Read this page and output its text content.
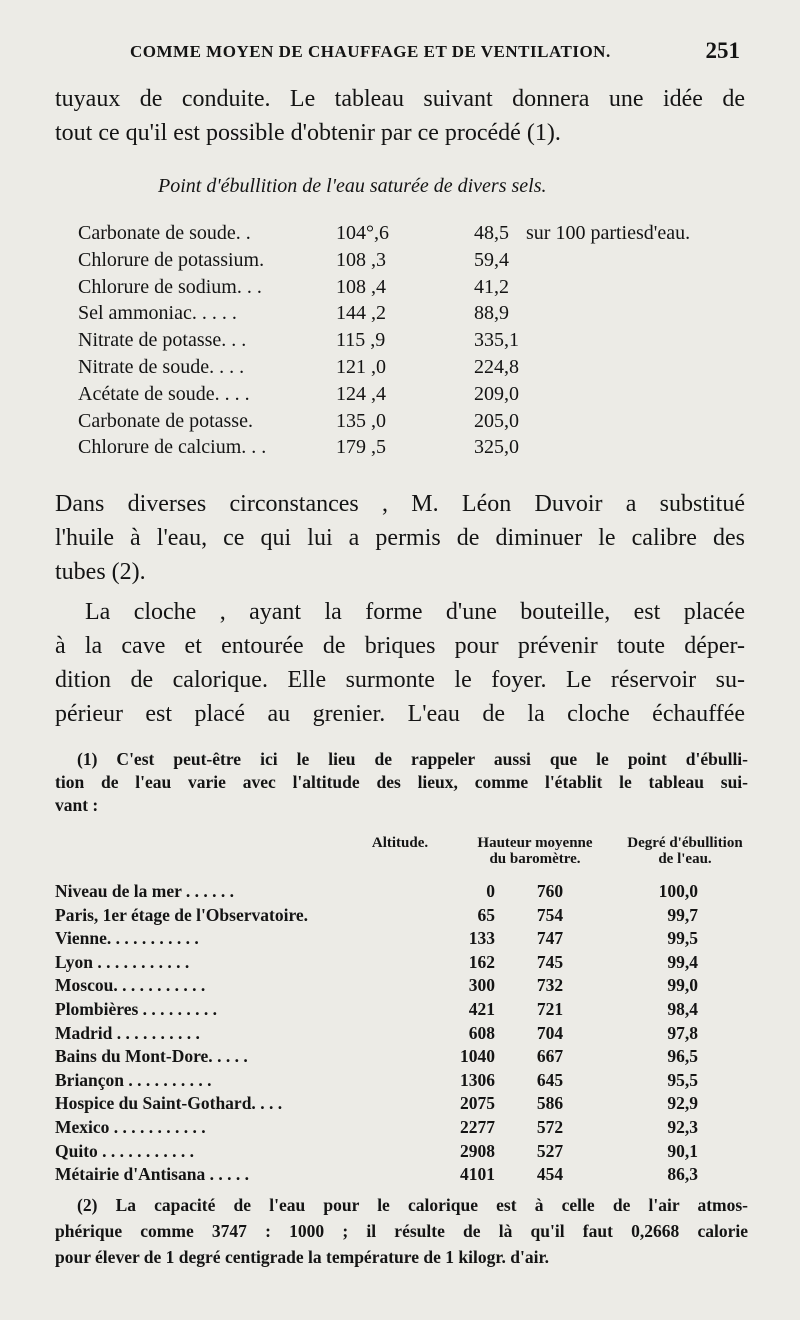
COMME MOYEN DE CHAUFFAGE ET DE VENTILATION.	251
tuyaux de conduite. Le tableau suivant donnera une idée de
tout ce qu'il est possible d'obtenir par ce procédé (1).
Point d'ébullition de l'eau saturée de divers sels.
Carbonate de soude. .	104°,6	48,5 sur 100 partiesd'eau.
Chlorure de potassium.	108 ,3	59,4
Chlorure de sodium. . .	108 ,4	41,2
Sel ammoniac. . . . .	144 ,2	88,9
Nitrate de potasse. . .	115 ,9	335,1
Nitrate de soude. . . .	121 ,0	224,8
Acétate de soude. . . .	124 ,4	209,0
Carbonate de potasse.	135 ,0	205,0
Chlorure de calcium. . .	179 ,5	325,0
Dans diverses circonstances , M. Léon Duvoir a substitué
l'huile à l'eau, ce qui lui a permis de diminuer le calibre des
tubes (2).
La cloche , ayant la forme d'une bouteille, est placée
à la cave et entourée de briques pour prévenir toute déper-
dition de calorique. Elle surmonte le foyer. Le réservoir su-
périeur est placé au grenier. L'eau de la cloche échauffée
(1) C'est peut-être ici le lieu de rappeler aussi que le point d'ébulli-
tion de l'eau varie avec l'altitude des lieux, comme l'établit le tableau sui-
vant :
Altitude.	Hauteur moyenne
du baromètre.
Degré d'ébullition
de l'eau.
Niveau de la mer . . . . . .	0	760	100,0
Paris, 1er étage de l'Observatoire.	65	754	99,7
Vienne. . . . . . . . . . .	133	747	99,5
Lyon . . . . . . . . . . .	162	745	99,4
Moscou. . . . . . . . . . .	300	732	99,0
Plombières . . . . . . . . .	421	721	98,4
Madrid . . . . . . . . . .	608	704	97,8
Bains du Mont-Dore. . . . .	1040	667	96,5
Briançon . . . . . . . . . .	1306	645	95,5
Hospice du Saint-Gothard. . . .	2075	586	92,9
Mexico . . . . . . . . . . .	2277	572	92,3
Quito . . . . . . . . . . .	2908	527	90,1
Métairie d'Antisana . . . . .	4101	454	86,3
(2) La capacité de l'eau pour le calorique est à celle de l'air atmos-
phérique comme 3747 : 1000 ; il résulte de là qu'il faut 0,2668 calorie
pour élever de 1 degré centigrade la température de 1 kilogr. d'air.
